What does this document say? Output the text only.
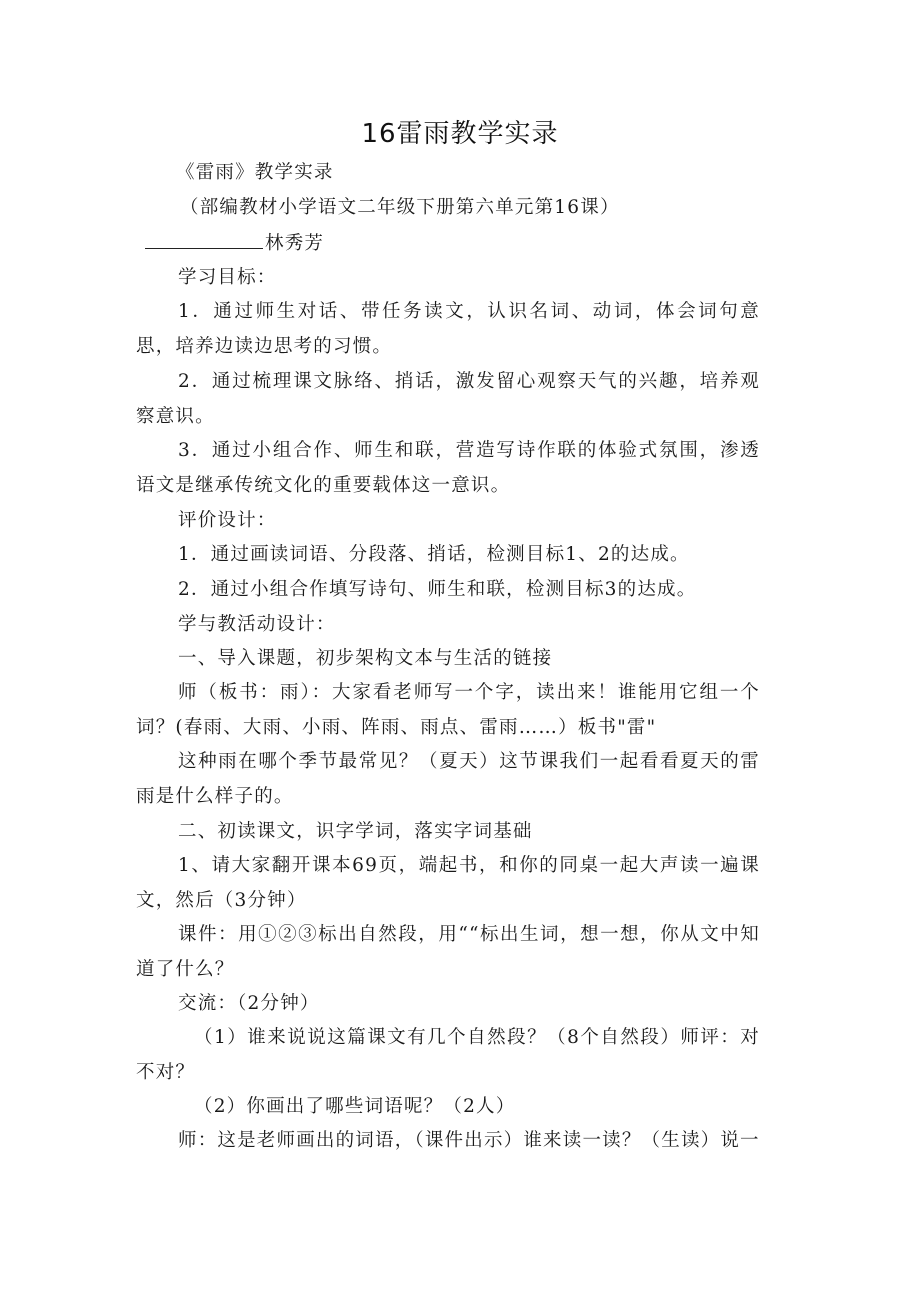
16雷雨教学实录
《雷雨》教学实录
（部编教材小学语文二年级下册第六单元第16课）
林秀芳
学习目标：
1．通过师生对话、带任务读文，认识名词、动词，体会词句意思，培养边读边思考的习惯。
2．通过梳理课文脉络、捎话，激发留心观察天气的兴趣，培养观察意识。
3．通过小组合作、师生和联，营造写诗作联的体验式氛围，渗透语文是继承传统文化的重要载体这一意识。
评价设计：
1．通过画读词语、分段落、捎话，检测目标1、2的达成。
2．通过小组合作填写诗句、师生和联，检测目标3的达成。
学与教活动设计：
一、导入课题，初步架构文本与生活的链接
师（板书：雨）：大家看老师写一个字，读出来！谁能用它组一个词？(春雨、大雨、小雨、阵雨、雨点、雷雨……）板书"雷"
这种雨在哪个季节最常见？（夏天）这节课我们一起看看夏天的雷雨是什么样子的。
二、初读课文，识字学词，落实字词基础
1、请大家翻开课本69页，端起书，和你的同桌一起大声读一遍课文，然后（3分钟）
课件：用①②③标出自然段，用““标出生词，想一想，你从文中知道了什么？
交流：（2分钟）
（1）谁来说说这篇课文有几个自然段？（8个自然段）师评：对不对？
（2）你画出了哪些词语呢？（2人）
师：这是老师画出的词语，（课件出示）谁来读一读？（生读）说一
